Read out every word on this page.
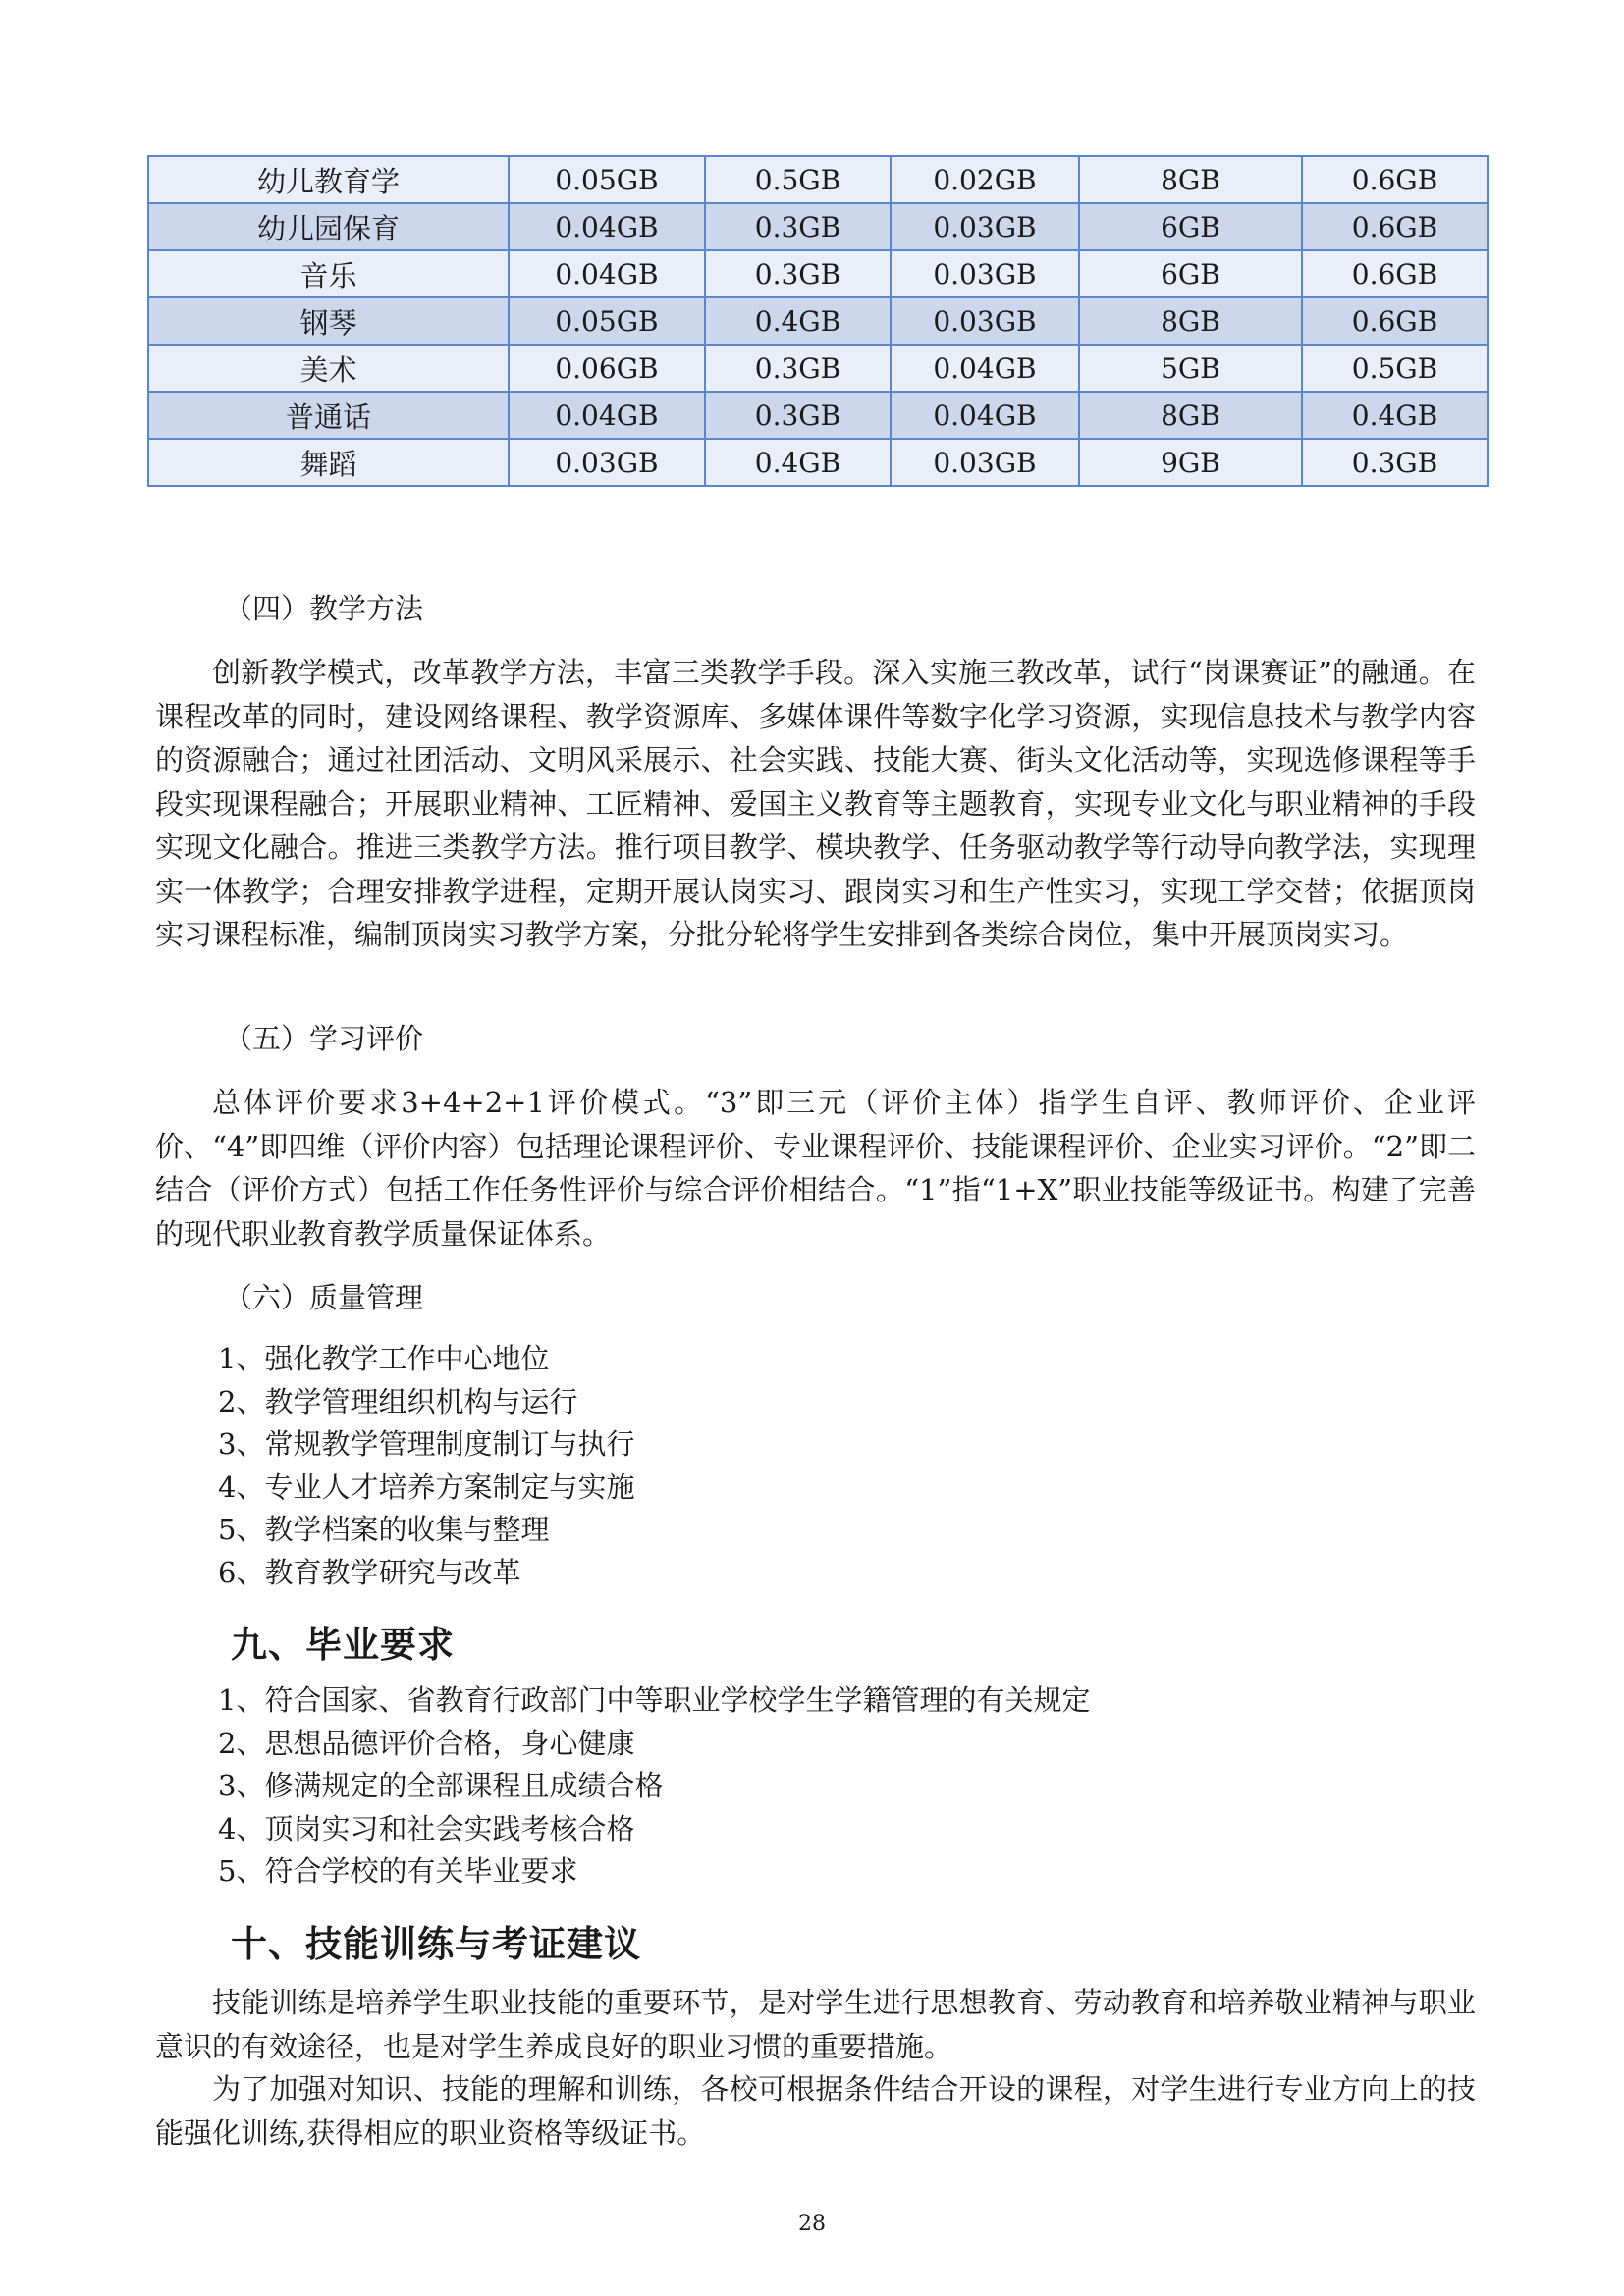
幼儿教育学	0.05GB	0.5GB	0.02GB	8GB	0.6GB
幼儿园保育	0.04GB	0.3GB	0.03GB	6GB	0.6GB
音乐	0.04GB	0.3GB	0.03GB	6GB	0.6GB
钢琴	0.05GB	0.4GB	0.03GB	8GB	0.6GB
美术	0.06GB	0.3GB	0.04GB	5GB	0.5GB
普通话	0.04GB	0.3GB	0.04GB	8GB	0.4GB
舞蹈	0.03GB	0.4GB	0.03GB	9GB	0.3GB
（四）教学方法
创新教学模式，改革教学方法，丰富三类教学手段。深入实施三教改革，试行“岗课赛证”的融通。在课程改革的同时，建设网络课程、教学资源库、多媒体课件等数字化学习资源，实现信息技术与教学内容的资源融合；通过社团活动、文明风采展示、社会实践、技能大赛、街头文化活动等，实现选修课程等手段实现课程融合；开展职业精神、工匠精神、爱国主义教育等主题教育，实现专业文化与职业精神的手段实现文化融合。推进三类教学方法。推行项目教学、模块教学、任务驱动教学等行动导向教学法，实现理实一体教学；合理安排教学进程，定期开展认岗实习、跟岗实习和生产性实习，实现工学交替；依据顶岗实习课程标准，编制顶岗实习教学方案，分批分轮将学生安排到各类综合岗位，集中开展顶岗实习。
（五）学习评价
总体评价要求3+4+2+1评价模式。“3”即三元（评价主体）指学生自评、教师评价、企业评价、“4”即四维（评价内容）包括理论课程评价、专业课程评价、技能课程评价、企业实习评价。“2”即二结合（评价方式）包括工作任务性评价与综合评价相结合。“1”指“1+X”职业技能等级证书。构建了完善的现代职业教育教学质量保证体系。
（六）质量管理
1、强化教学工作中心地位
2、教学管理组织机构与运行
3、常规教学管理制度制订与执行
4、专业人才培养方案制定与实施
5、教学档案的收集与整理
6、教育教学研究与改革
九、毕业要求
1、符合国家、省教育行政部门中等职业学校学生学籍管理的有关规定
2、思想品德评价合格，身心健康
3、修满规定的全部课程且成绩合格
4、顶岗实习和社会实践考核合格
5、符合学校的有关毕业要求
十、技能训练与考证建议
技能训练是培养学生职业技能的重要环节，是对学生进行思想教育、劳动教育和培养敬业精神与职业意识的有效途径，也是对学生养成良好的职业习惯的重要措施。
为了加强对知识、技能的理解和训练，各校可根据条件结合开设的课程，对学生进行专业方向上的技能强化训练,获得相应的职业资格等级证书。
28
